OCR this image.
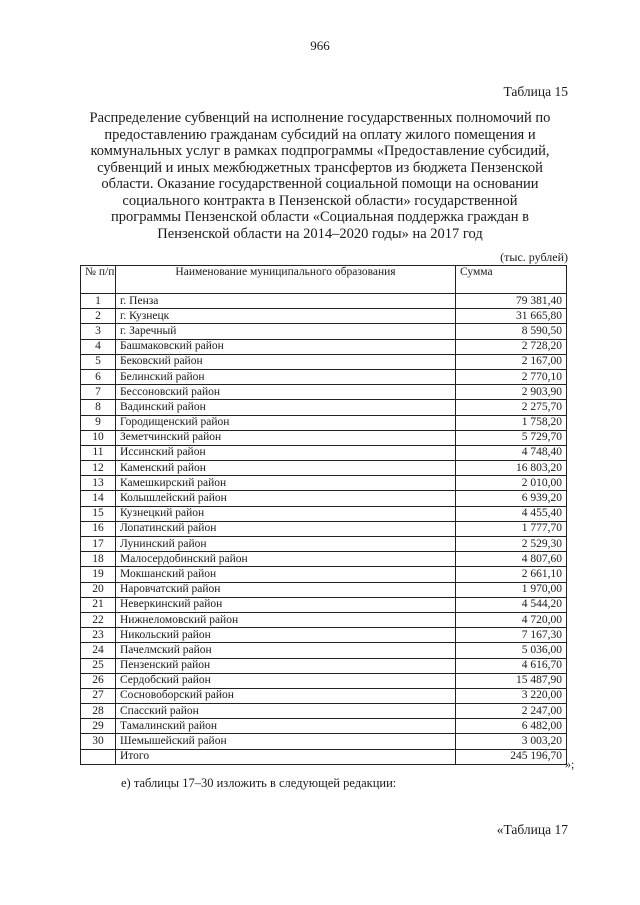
966
Таблица 15
Распределение субвенций на исполнение государственных полномочий по
предоставлению гражданам субсидий на оплату жилого помещения и
коммунальных услуг в рамках подпрограммы «Предоставление субсидий,
субвенций и иных межбюджетных трансфертов из бюджета Пензенской
области. Оказание государственной социальной помощи на основании
социального контракта в Пензенской области» государственной
программы Пензенской области «Социальная поддержка граждан в
Пензенской области на 2014–2020 годы» на 2017 год
(тыс. рублей)
№ п/п	Наименование муниципального образования	Сумма
1	г. Пенза	79 381,40
2	г. Кузнецк	31 665,80
3	г. Заречный	8 590,50
4	Башмаковский район	2 728,20
5	Бековский район	2 167,00
6	Белинский район	2 770,10
7	Бессоновский район	2 903,90
8	Вадинский район	2 275,70
9	Городищенский район	1 758,20
10	Земетчинский район	5 729,70
11	Иссинский район	4 748,40
12	Каменский район	16 803,20
13	Камешкирский район	2 010,00
14	Колышлейский район	6 939,20
15	Кузнецкий район	4 455,40
16	Лопатинский район	1 777,70
17	Лунинский район	2 529,30
18	Малосердобинский район	4 807,60
19	Мокшанский район	2 661,10
20	Наровчатский район	1 970,00
21	Неверкинский район	4 544,20
22	Нижнеломовский район	4 720,00
23	Никольский район	7 167,30
24	Пачелмский район	5 036,00
25	Пензенский район	4 616,70
26	Сердобский район	15 487,90
27	Сосновоборский район	3 220,00
28	Спасский район	2 247,00
29	Тамалинский район	6 482,00
30	Шемышейский район	3 003,20
	Итого	245 196,70
»;
е) таблицы 17–30 изложить в следующей редакции:
«Таблица 17
